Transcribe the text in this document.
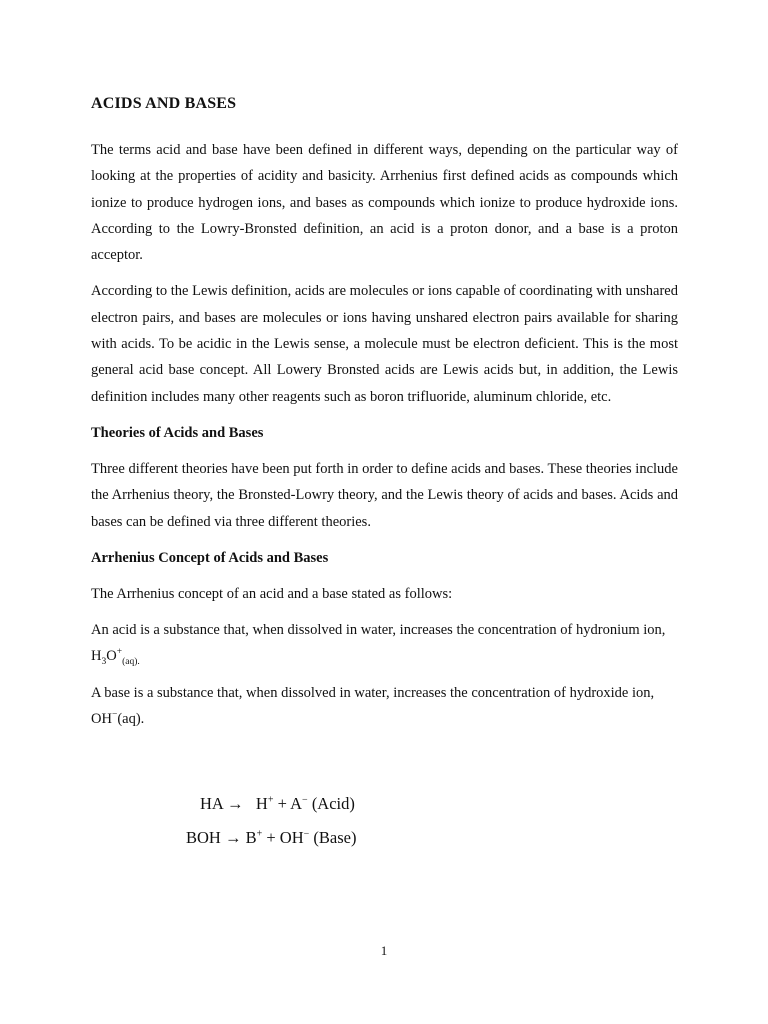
ACIDS AND BASES

The terms acid and base have been defined in different ways, depending on the particular way of looking at the properties of acidity and basicity. Arrhenius first defined acids as compounds which ionize to produce hydrogen ions, and bases as compounds which ionize to produce hydroxide ions. According to the Lowry-Bronsted definition, an acid is a proton donor, and a base is a proton acceptor.

According to the Lewis definition, acids are molecules or ions capable of coordinating with unshared electron pairs, and bases are molecules or ions having unshared electron pairs available for sharing with acids. To be acidic in the Lewis sense, a molecule must be electron deficient. This is the most general acid base concept. All Lowery Bronsted acids are Lewis acids but, in addition, the Lewis definition includes many other reagents such as boron trifluoride, aluminum chloride, etc.

Theories of Acids and Bases

Three different theories have been put forth in order to define acids and bases. These theories include the Arrhenius theory, the Bronsted-Lowry theory, and the Lewis theory of acids and bases. Acids and bases can be defined via three different theories.

Arrhenius Concept of Acids and Bases

The Arrhenius concept of an acid and a base stated as follows:

An acid is a substance that, when dissolved in water, increases the concentration of hydronium ion, $H_3O^+_{(aq).}$

A base is a substance that, when dissolved in water, increases the concentration of hydroxide ion, OH−(aq).

HA →   H+ + A− (Acid)
BOH → B+ + OH− (Base)
1
